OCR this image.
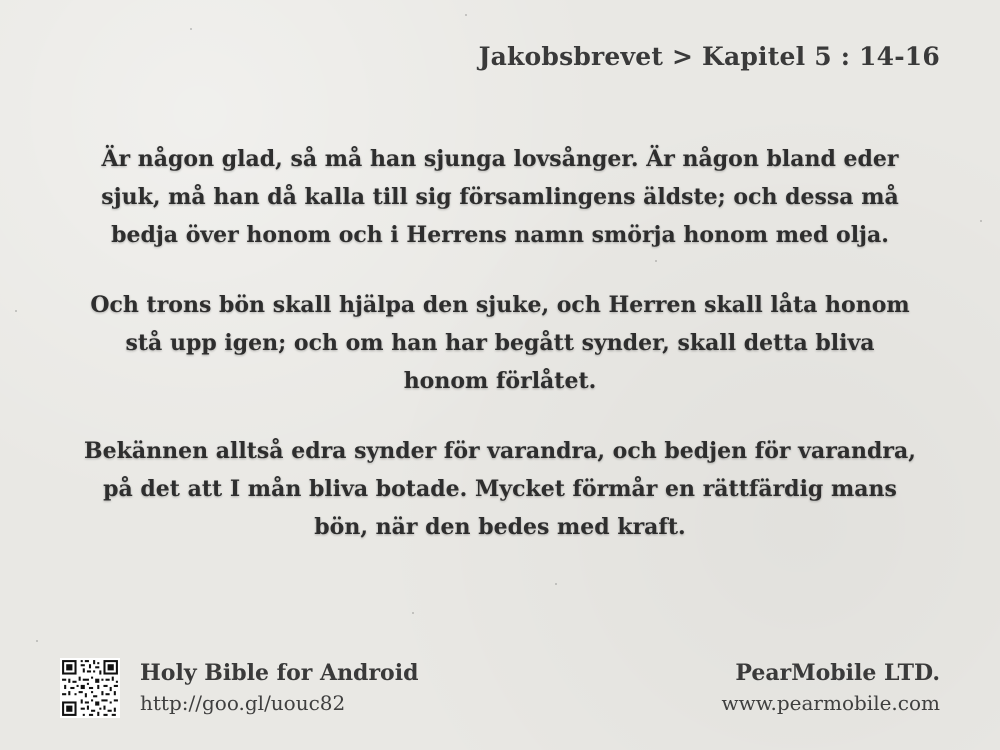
Jakobsbrevet > Kapitel 5 : 14-16

Är någon glad, så må han sjunga lovsånger. Är någon bland eder sjuk, må han då kalla till sig församlingens äldste; och dessa må bedja över honom och i Herrens namn smörja honom med olja.

Och trons bön skall hjälpa den sjuke, och Herren skall låta honom stå upp igen; och om han har begått synder, skall detta bliva honom förlåtet.

Bekännen alltså edra synder för varandra, och bedjen för varandra, på det att I mån bliva botade. Mycket förmår en rättfärdig mans bön, när den bedes med kraft.

Holy Bible for Android
http://goo.gl/uouc82
PearMobile LTD.
www.pearmobile.com
